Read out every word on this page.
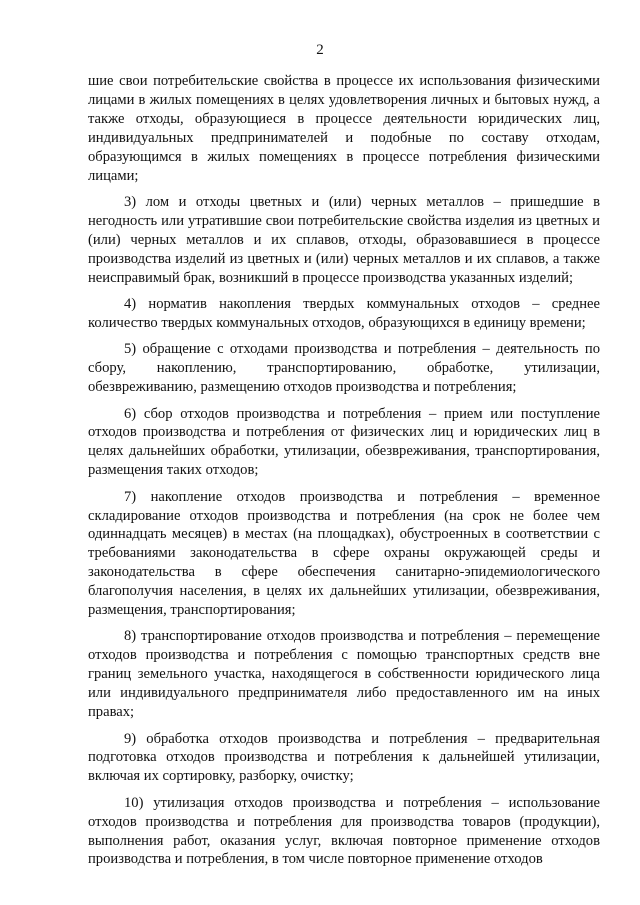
2

шие свои потребительские свойства в процессе их использования физическими лицами в жилых помещениях в целях удовлетворения личных и бытовых нужд, а также отходы, образующиеся в процессе деятельности юридических лиц, индивидуальных предпринимателей и подобные по составу отходам, образующимся в жилых помещениях в процессе потребления физическими лицами;

3) лом и отходы цветных и (или) черных металлов – пришедшие в негодность или утратившие свои потребительские свойства изделия из цветных и (или) черных металлов и их сплавов, отходы, образовавшиеся в процессе производства изделий из цветных и (или) черных металлов и их сплавов, а также неисправимый брак, возникший в процессе производства указанных изделий;

4) норматив накопления твердых коммунальных отходов – среднее количество твердых коммунальных отходов, образующихся в единицу времени;

5) обращение с отходами производства и потребления – деятельность по сбору, накоплению, транспортированию, обработке, утилизации, обезвреживанию, размещению отходов производства и потребления;

6) сбор отходов производства и потребления – прием или поступление отходов производства и потребления от физических лиц и юридических лиц в целях дальнейших обработки, утилизации, обезвреживания, транспортирования, размещения таких отходов;

7) накопление отходов производства и потребления – временное складирование отходов производства и потребления (на срок не более чем одиннадцать месяцев) в местах (на площадках), обустроенных в соответствии с требованиями законодательства в сфере охраны окружающей среды и законодательства в сфере обеспечения санитарно-эпидемиологического благополучия населения, в целях их дальнейших утилизации, обезвреживания, размещения, транспортирования;

8) транспортирование отходов производства и потребления – перемещение отходов производства и потребления с помощью транспортных средств вне границ земельного участка, находящегося в собственности юридического лица или индивидуального предпринимателя либо предоставленного им на иных правах;

9) обработка отходов производства и потребления – предварительная подготовка отходов производства и потребления к дальнейшей утилизации, включая их сортировку, разборку, очистку;

10) утилизация отходов производства и потребления – использование отходов производства и потребления для производства товаров (продукции), выполнения работ, оказания услуг, включая повторное применение отходов производства и потребления, в том числе повторное применение отходов
